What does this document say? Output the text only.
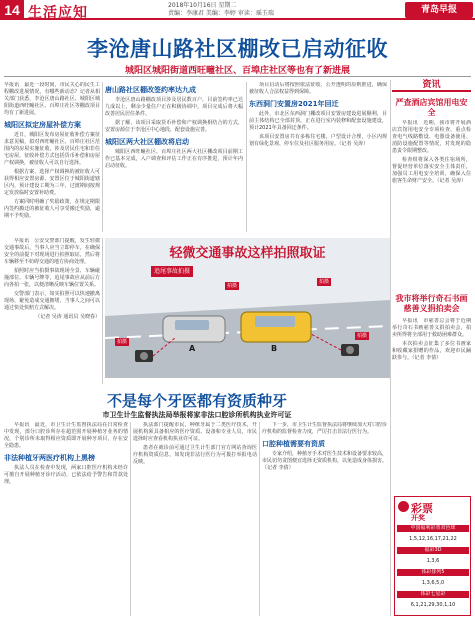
14 生活应知	2018年10月16日 星期二
责编：李康君 美编：李婷 审读：瑶玉瑞	青岛早报
李沧唐山路社区棚改已启动征收
城阳区城阳街道西旺疃社区、百埠庄社区等也有了新进展

早报讯　最近一段时间，市民关心的民生工程棚改进展情况，有哪些新动态？记者从相关部门获悉，李沧区唐山路社区、城阳区城阳街道西旺疃社区、百埠庄社区等棚改项目均有了新进展。

城阳区拟定房屋补偿方案

近日，城阳区发布房屋征收补偿方案征求意见稿，拟对西旺疃社区、百埠庄社区范围内的房屋实施征收，涉及居民住宅和非住宅房屋，征收补偿方式包括货币补偿和房屋产权调换，被征收人可以自行选择。

根据方案，选择产权调换的被征收人可获得相应安置房源，安置区位于城阳街道辖区内，预计建设工期为三年，过渡期间按规定发放临时安置补助费。

方案同时明确了奖励政策，在规定期限内签约搬迁的被征收人可享受搬迁奖励，逾期不予奖励。

唐山路社区棚改签约率达九成

李沧区唐山路棚改项目涉及居民数百户，目前签约率已达九成以上，剩余少量住户正在积极协调中。项目完成后将大幅改善居民居住条件。

据了解，该项目采取货币补偿和产权调换相结合的方式，安置房源位于李沧区中心地段，配套设施完善。

城阳区两大社区棚改将启动

城阳区西旺疃社区、百埠庄社区两大社区棚改项目前期工作已基本完成，入户调查和评估工作正在有序推进，预计年内启动征收。

项目启动后将按照依法征收、公开透明的原则推进，确保被征收人合法权益得到保障。

东西洞门安置房2021年回迁

此外，市北区东西洞门棚改项目安置房建设进展顺利，目前主体结构已全部封顶，正在进行室内装修和配套设施建设，预计2021年具备回迁条件。

该项目安置房共有多栋住宅楼，户型设计合理，小区内规划有绿化景观、停车位及社区服务用房。（记者 吴涛）

早报讯　公安交警部门提醒，发生轻微交通事故后，当事人应当立即停车，在确保安全的前提下对现场进行拍照取证，然后将车辆移至不妨碍交通的地方协商处理。

拍照时应当拍摄事故现场全景、车辆碰撞部位、车辆号牌等，追尾事故应从前后方向各拍一张，以便清晰反映车辆位置关系。

交警部门表示，如实拍照可以快速撤离现场，避免造成交通拥堵，当事人之间可以通过快处快赔方式解决。

（记者 吴涛 通讯员 吴晓春）

轻微交通事故这样拍照取证
追尾事故拍摄
拍摄
拍摄
拍摄
拍摄
A	B
不是每个牙医都有资质种牙
市卫生计生监督执法局举报将家非法口腔诊所机构执业许可证

早报讯　最近，市卫生计生监督执法局在日常检查中发现，部分口腔诊所存在超范围开展种植牙业务的情况，个别诊所未取得相应资质即开展种牙项目，存在安全隐患。

非法种植牙两医疗机构上黑榜

执法人员在检查中发现，两家口腔医疗机构未经许可擅自开展种植牙诊疗活动，已依法给予警告和罚款处理。

执法部门提醒市民，种植牙属于二类医疗技术，开展机构须具备相应的医疗资质、设备和专业人员，市民选择时应查看机构执业许可证。

患者在就诊前可通过卫生计生部门官方网站查询医疗机构资质信息，如发现非法行医行为可拨打举报电话反映。

下一步，市卫生计生监督执法局将继续加大对口腔诊疗机构的监督检查力度，严厉打击非法行医行为。

口腔种植需要有资质

专家介绍，种植牙手术对医生技术和设备要求较高，市民切勿贪图便宜选择无资质机构，以免造成身体损害。（记者 李倩）

资讯
严查酒店宾馆用电安全

早报讯　近期，我市将开展酒店宾馆用电安全专项检查，重点检查电气线路敷设、电器设备使用、消防设施配置等情况，对发现的隐患责令限期整改。

检查组将深入各类住宿场所，督促经营单位落实安全主体责任，加强员工用电安全培训，确保入住旅客生命财产安全。（记者 吴涛）

我市将举行奇石书画慈善义捐拍卖会

早报讯　市慈善总会将于近期举行奇石书画慈善义捐拍卖会，拍卖所得将全部用于救助困难群众。

本次拍卖会征集了多位书画家和收藏家捐赠的作品，欢迎市民踊跃参与。（记者 李倩）

彩票
开奖
中国福利彩票双色球
1,5,12,16,17,21,22
福彩3D
1,3,6
体彩排列5
1,3,6,5,0
体彩七星彩
6,1,21,29,30,1,10
